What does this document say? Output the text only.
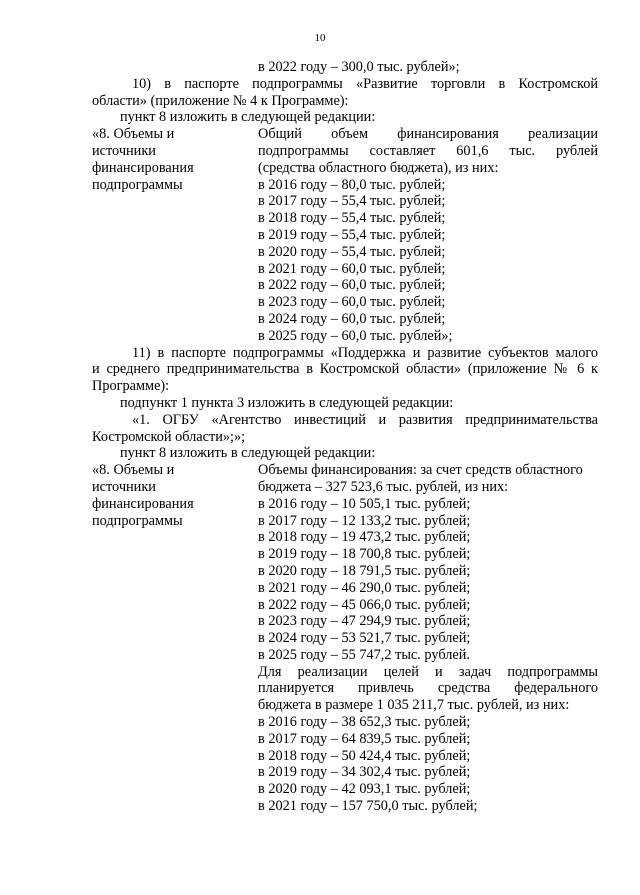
10
в 2022 году – 300,0 тыс. рублей»;
10) в паспорте подпрограммы «Развитие торговли в Костромской
области» (приложение № 4 к Программе):
пункт 8 изложить в следующей редакции:
«8. Объемы и
источники
финансирования
подпрограммы
Общий объем финансирования реализации
подпрограммы составляет 601,6 тыс. рублей
(средства областного бюджета), из них:
в 2016 году – 80,0 тыс. рублей;
в 2017 году – 55,4 тыс. рублей;
в 2018 году – 55,4 тыс. рублей;
в 2019 году – 55,4 тыс. рублей;
в 2020 году – 55,4 тыс. рублей;
в 2021 году – 60,0 тыс. рублей;
в 2022 году – 60,0 тыс. рублей;
в 2023 году – 60,0 тыс. рублей;
в 2024 году – 60,0 тыс. рублей;
в 2025 году – 60,0 тыс. рублей»;
11) в паспорте подпрограммы «Поддержка и развитие субъектов малого
и среднего предпринимательства в Костромской области» (приложение № 6 к
Программе):
подпункт 1 пункта 3 изложить в следующей редакции:
«1. ОГБУ «Агентство инвестиций и развития предпринимательства
Костромской области»;»;
пункт 8 изложить в следующей редакции:
«8. Объемы и
источники
финансирования
подпрограммы
Объемы финансирования: за счет средств областного
бюджета – 327 523,6 тыс. рублей, из них:
в 2016 году – 10 505,1 тыс. рублей;
в 2017 году – 12 133,2 тыс. рублей;
в 2018 году – 19 473,2 тыс. рублей;
в 2019 году – 18 700,8 тыс. рублей;
в 2020 году – 18 791,5 тыс. рублей;
в 2021 году – 46 290,0 тыс. рублей;
в 2022 году – 45 066,0 тыс. рублей;
в 2023 году – 47 294,9 тыс. рублей;
в 2024 году – 53 521,7 тыс. рублей;
в 2025 году – 55 747,2 тыс. рублей.
Для реализации целей и задач подпрограммы
планируется привлечь средства федерального
бюджета в размере 1 035 211,7 тыс. рублей, из них:
в 2016 году – 38 652,3 тыс. рублей;
в 2017 году – 64 839,5 тыс. рублей;
в 2018 году – 50 424,4 тыс. рублей;
в 2019 году – 34 302,4 тыс. рублей;
в 2020 году – 42 093,1 тыс. рублей;
в 2021 году – 157 750,0 тыс. рублей;
